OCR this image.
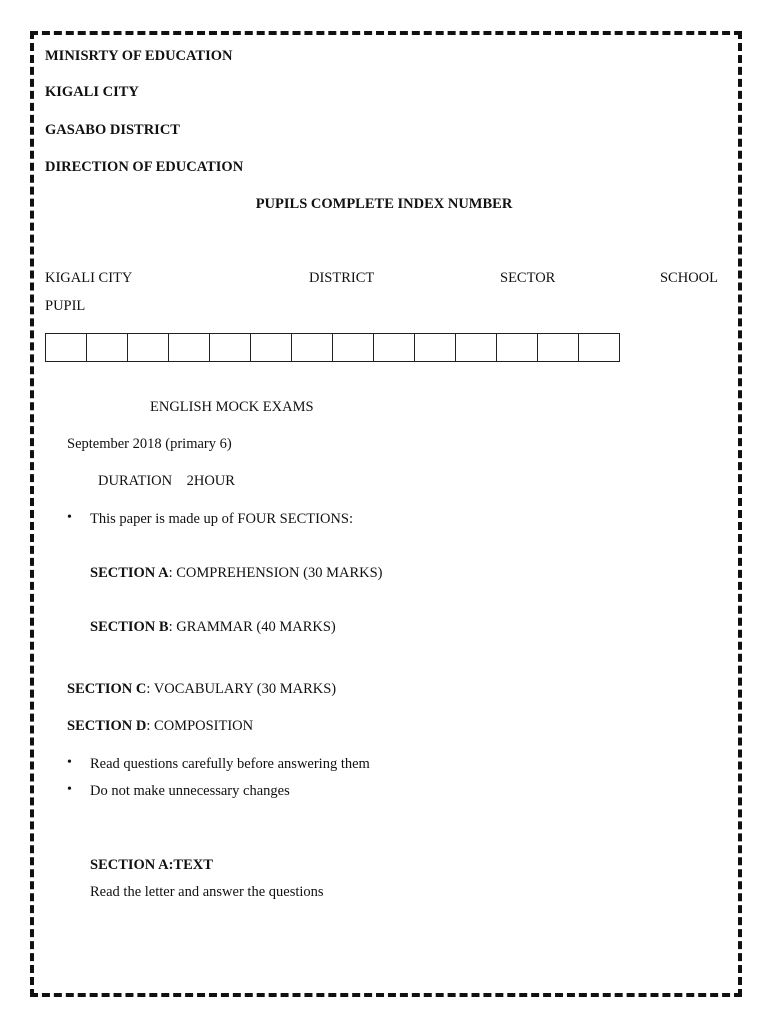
MINISRTY OF EDUCATION
KIGALI CITY
GASABO DISTRICT
DIRECTION OF EDUCATION
PUPILS COMPLETE INDEX NUMBER
KIGALI CITY	DISTRICT	SECTOR	SCHOOL
PUPIL
ENGLISH MOCK EXAMS
September 2018 (primary 6)
DURATION 2HOUR
• This paper is made up of FOUR SECTIONS:
SECTION A: COMPREHENSION (30 MARKS)
SECTION B: GRAMMAR (40 MARKS)
SECTION C: VOCABULARY (30 MARKS)
SECTION D: COMPOSITION
• Read questions carefully before answering them
• Do not make unnecessary changes
SECTION A:TEXT
Read the letter and answer the questions
